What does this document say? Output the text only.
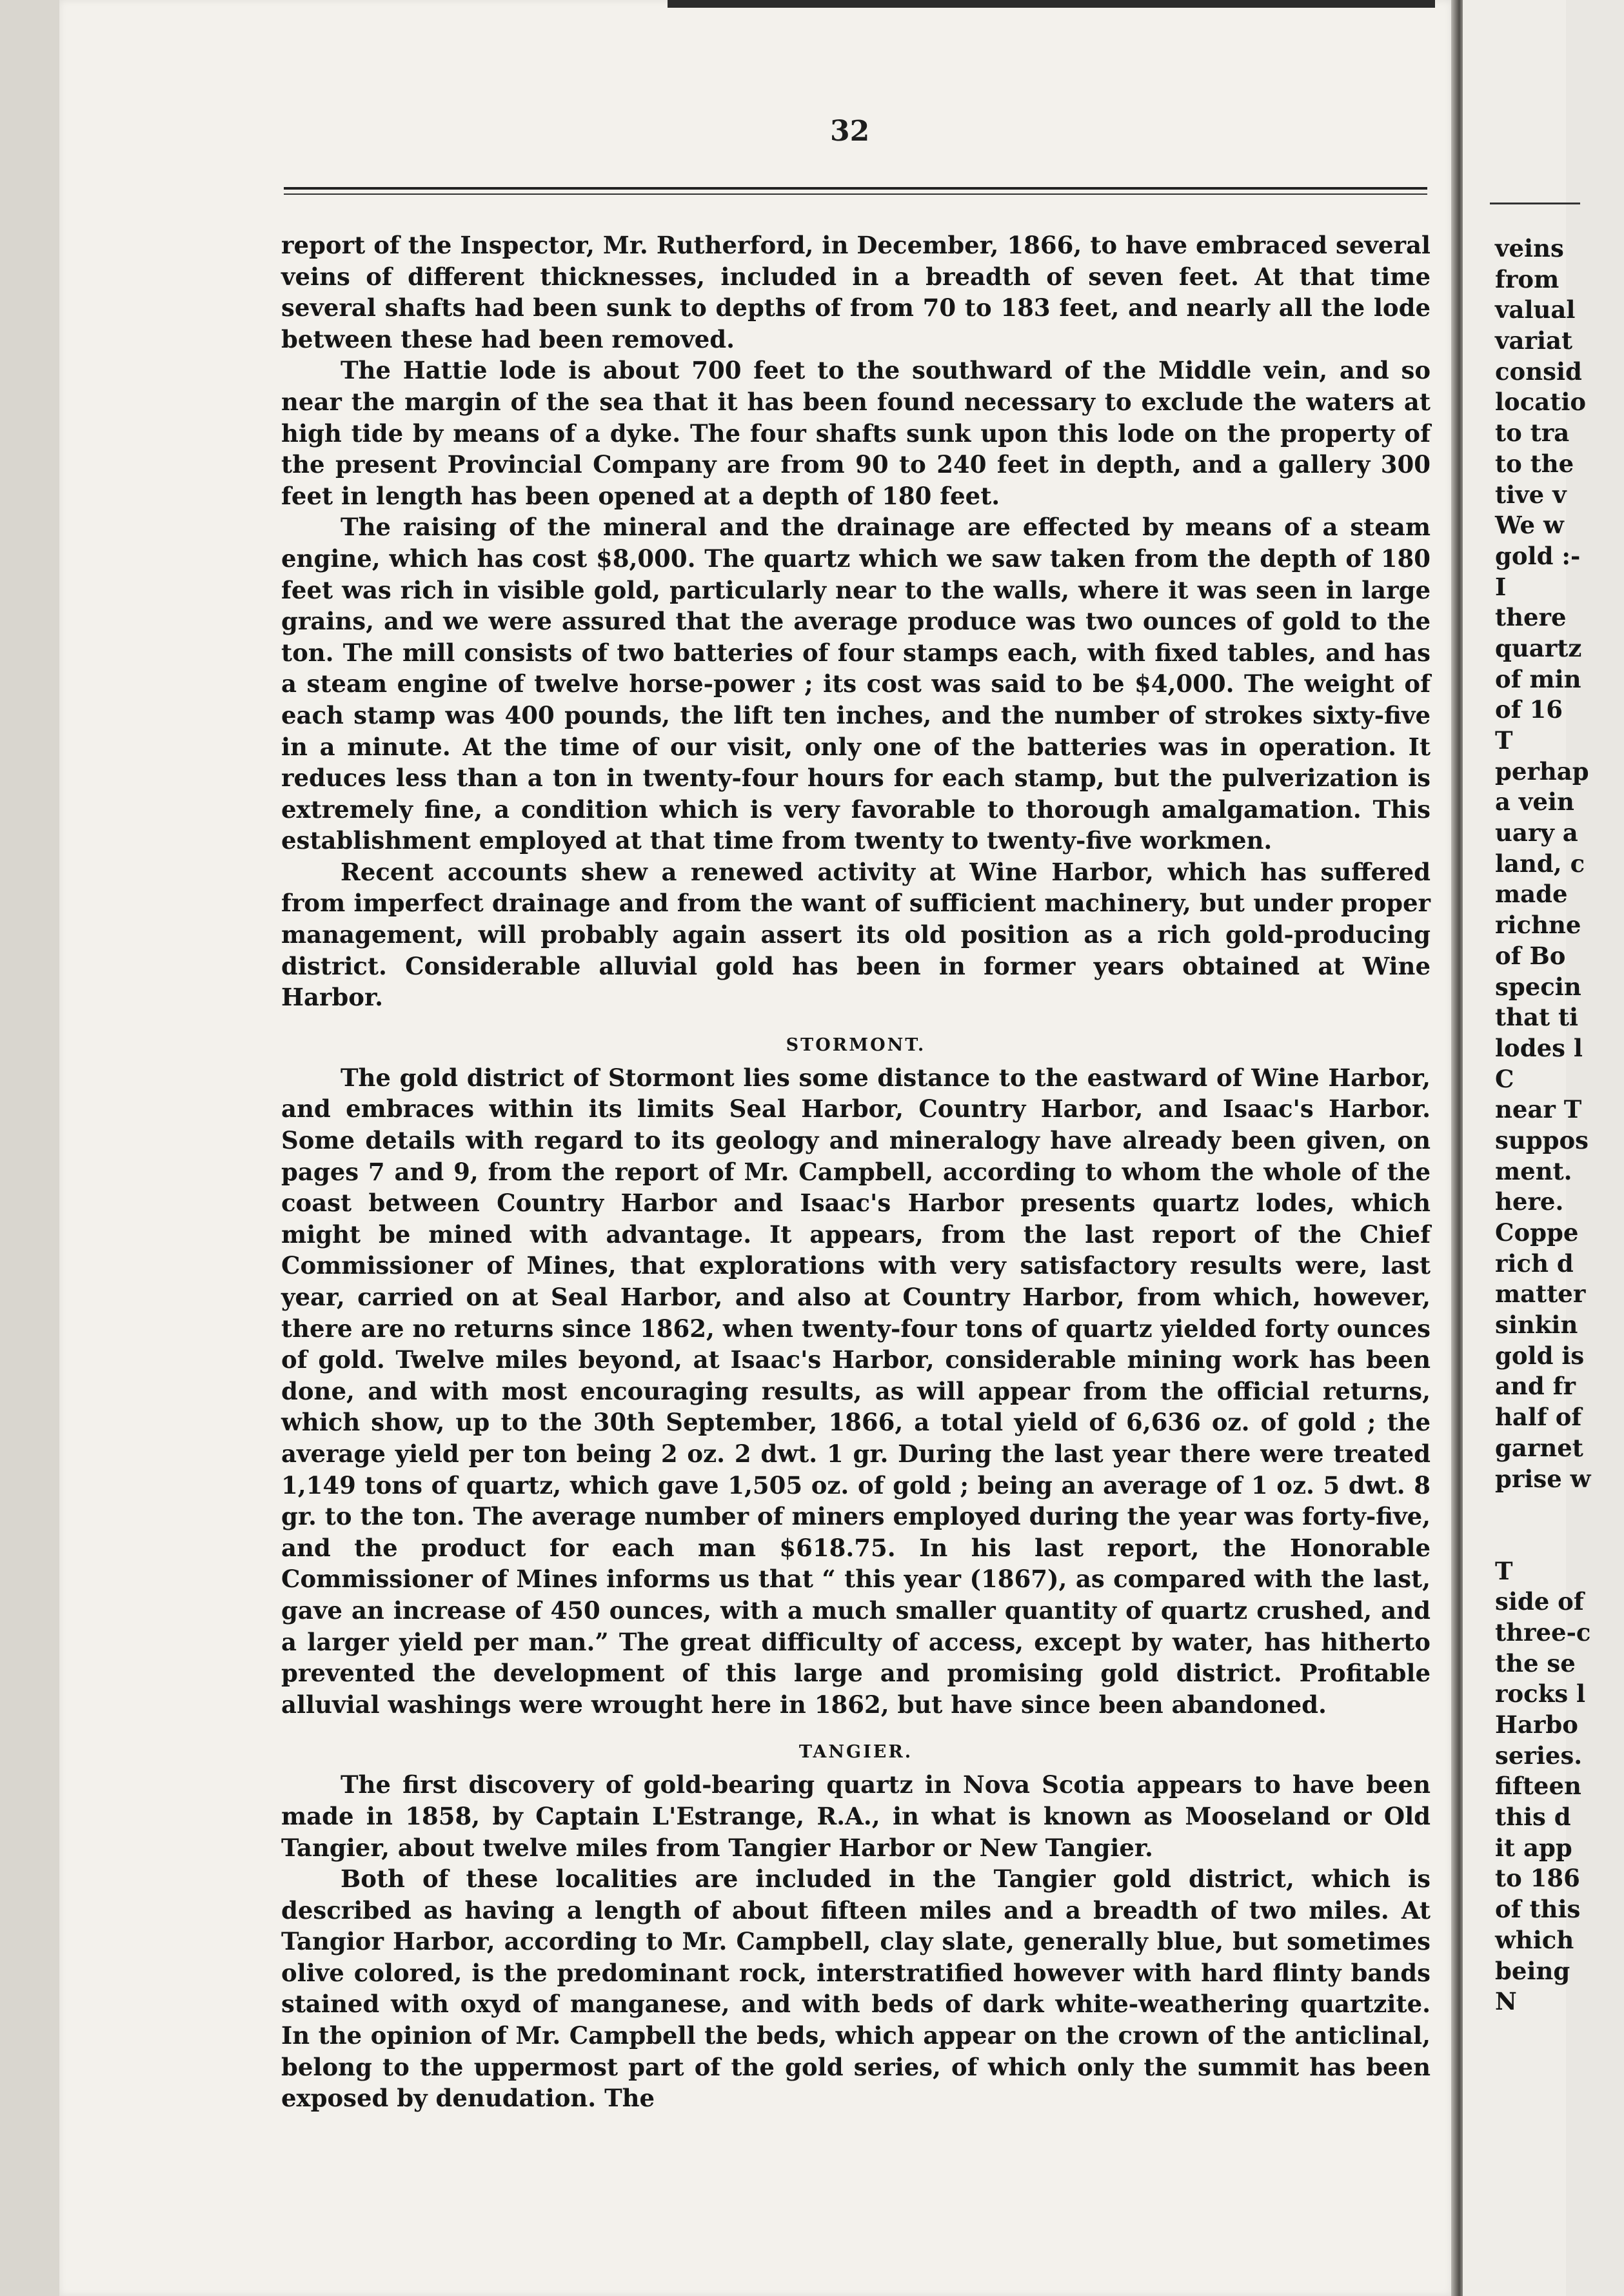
32

report of the Inspector, Mr. Rutherford, in December, 1866, to have embraced several veins of different thicknesses, included in a breadth of seven feet. At that time several shafts had been sunk to depths of from 70 to 183 feet, and nearly all the lode between these had been removed.

The Hattie lode is about 700 feet to the southward of the Middle vein, and so near the margin of the sea that it has been found necessary to exclude the waters at high tide by means of a dyke. The four shafts sunk upon this lode on the property of the present Provincial Company are from 90 to 240 feet in depth, and a gallery 300 feet in length has been opened at a depth of 180 feet.

The raising of the mineral and the drainage are effected by means of a steam engine, which has cost $8,000. The quartz which we saw taken from the depth of 180 feet was rich in visible gold, particularly near to the walls, where it was seen in large grains, and we were assured that the average produce was two ounces of gold to the ton. The mill consists of two batteries of four stamps each, with fixed tables, and has a steam engine of twelve horse-power ; its cost was said to be $4,000. The weight of each stamp was 400 pounds, the lift ten inches, and the number of strokes sixty-five in a minute. At the time of our visit, only one of the batteries was in operation. It reduces less than a ton in twenty-four hours for each stamp, but the pulverization is extremely fine, a condition which is very favorable to thorough amalgamation. This establishment employed at that time from twenty to twenty-five workmen.

Recent accounts shew a renewed activity at Wine Harbor, which has suffered from imperfect drainage and from the want of sufficient machinery, but under proper management, will probably again assert its old position as a rich gold-producing district. Considerable alluvial gold has been in former years obtained at Wine Harbor.

STORMONT.

The gold district of Stormont lies some distance to the eastward of Wine Harbor, and embraces within its limits Seal Harbor, Country Harbor, and Isaac's Harbor. Some details with regard to its geology and mineralogy have already been given, on pages 7 and 9, from the report of Mr. Campbell, according to whom the whole of the coast between Country Harbor and Isaac's Harbor presents quartz lodes, which might be mined with advantage. It appears, from the last report of the Chief Commissioner of Mines, that explorations with very satisfactory results were, last year, carried on at Seal Harbor, and also at Country Harbor, from which, however, there are no returns since 1862, when twenty-four tons of quartz yielded forty ounces of gold. Twelve miles beyond, at Isaac's Harbor, considerable mining work has been done, and with most encouraging results, as will appear from the official returns, which show, up to the 30th September, 1866, a total yield of 6,636 oz. of gold ; the average yield per ton being 2 oz. 2 dwt. 1 gr. During the last year there were treated 1,149 tons of quartz, which gave 1,505 oz. of gold ; being an average of 1 oz. 5 dwt. 8 gr. to the ton. The average number of miners employed during the year was forty-five, and the product for each man $618.75. In his last report, the Honorable Commissioner of Mines informs us that “ this year (1867), as compared with the last, gave an increase of 450 ounces, with a much smaller quantity of quartz crushed, and a larger yield per man.” The great difficulty of access, except by water, has hitherto prevented the development of this large and promising gold district. Profitable alluvial washings were wrought here in 1862, but have since been abandoned.

TANGIER.

The first discovery of gold-bearing quartz in Nova Scotia appears to have been made in 1858, by Captain L'Estrange, R.A., in what is known as Mooseland or Old Tangier, about twelve miles from Tangier Harbor or New Tangier.

Both of these localities are included in the Tangier gold district, which is described as having a length of about fifteen miles and a breadth of two miles. At Tangior Harbor, according to Mr. Campbell, clay slate, generally blue, but sometimes olive colored, is the predominant rock, interstratified however with hard flinty bands stained with oxyd of manganese, and with beds of dark white-weathering quartzite. In the opinion of Mr. Campbell the beds, which appear on the crown of the anticlinal, belong to the uppermost part of the gold series, of which only the summit has been exposed by denudation. The

veins
from
valual
variat
consid
locatio
to tra
to the
tive v
We w
gold :-
I
there
quartz
of min
of 16
T
perhap
a vein
uary a
land, c
made
richne
of Bo
specin
that ti
lodes l
C
near T
suppos
ment.
here.
Coppe
rich d
matter
sinkin
gold is
and fr
half of
garnet
prise w
T
side of
three-c
the se
rocks l
Harbo
series.
fifteen
this d
it app
to 186
of this
which
being
N
